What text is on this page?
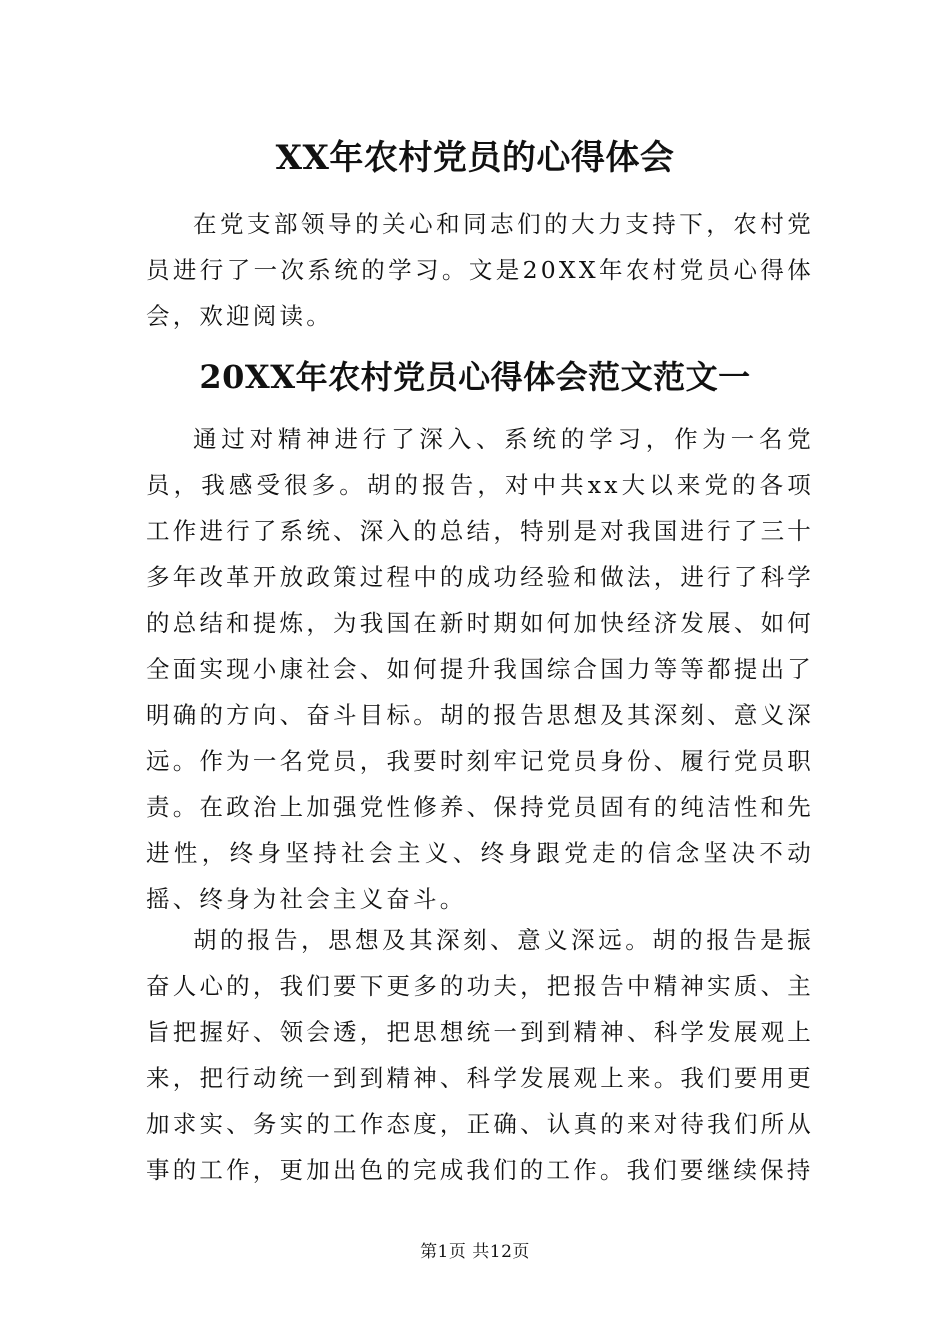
XX年农村党员的心得体会

在党支部领导的关心和同志们的大力支持下，农村党员进行了一次系统的学习。文是20XX年农村党员心得体会，欢迎阅读。

20XX年农村党员心得体会范文范文一

通过对精神进行了深入、系统的学习，作为一名党员，我感受很多。胡的报告，对中共xx大以来党的各项工作进行了系统、深入的总结，特别是对我国进行了三十多年改革开放政策过程中的成功经验和做法，进行了科学的总结和提炼，为我国在新时期如何加快经济发展、如何全面实现小康社会、如何提升我国综合国力等等都提出了明确的方向、奋斗目标。胡的报告思想及其深刻、意义深远。作为一名党员，我要时刻牢记党员身份、履行党员职责。在政治上加强党性修养、保持党员固有的纯洁性和先进性，终身坚持社会主义、终身跟党走的信念坚决不动摇、终身为社会主义奋斗。

胡的报告，思想及其深刻、意义深远。胡的报告是振奋人心的，我们要下更多的功夫，把报告中精神实质、主旨把握好、领会透，把思想统一到到精神、科学发展观上来，把行动统一到到精神、科学发展观上来。我们要用更加求实、务实的工作态度，正确、认真的来对待我们所从事的工作，更加出色的完成我们的工作。我们要继续保持

第1页 共12页
